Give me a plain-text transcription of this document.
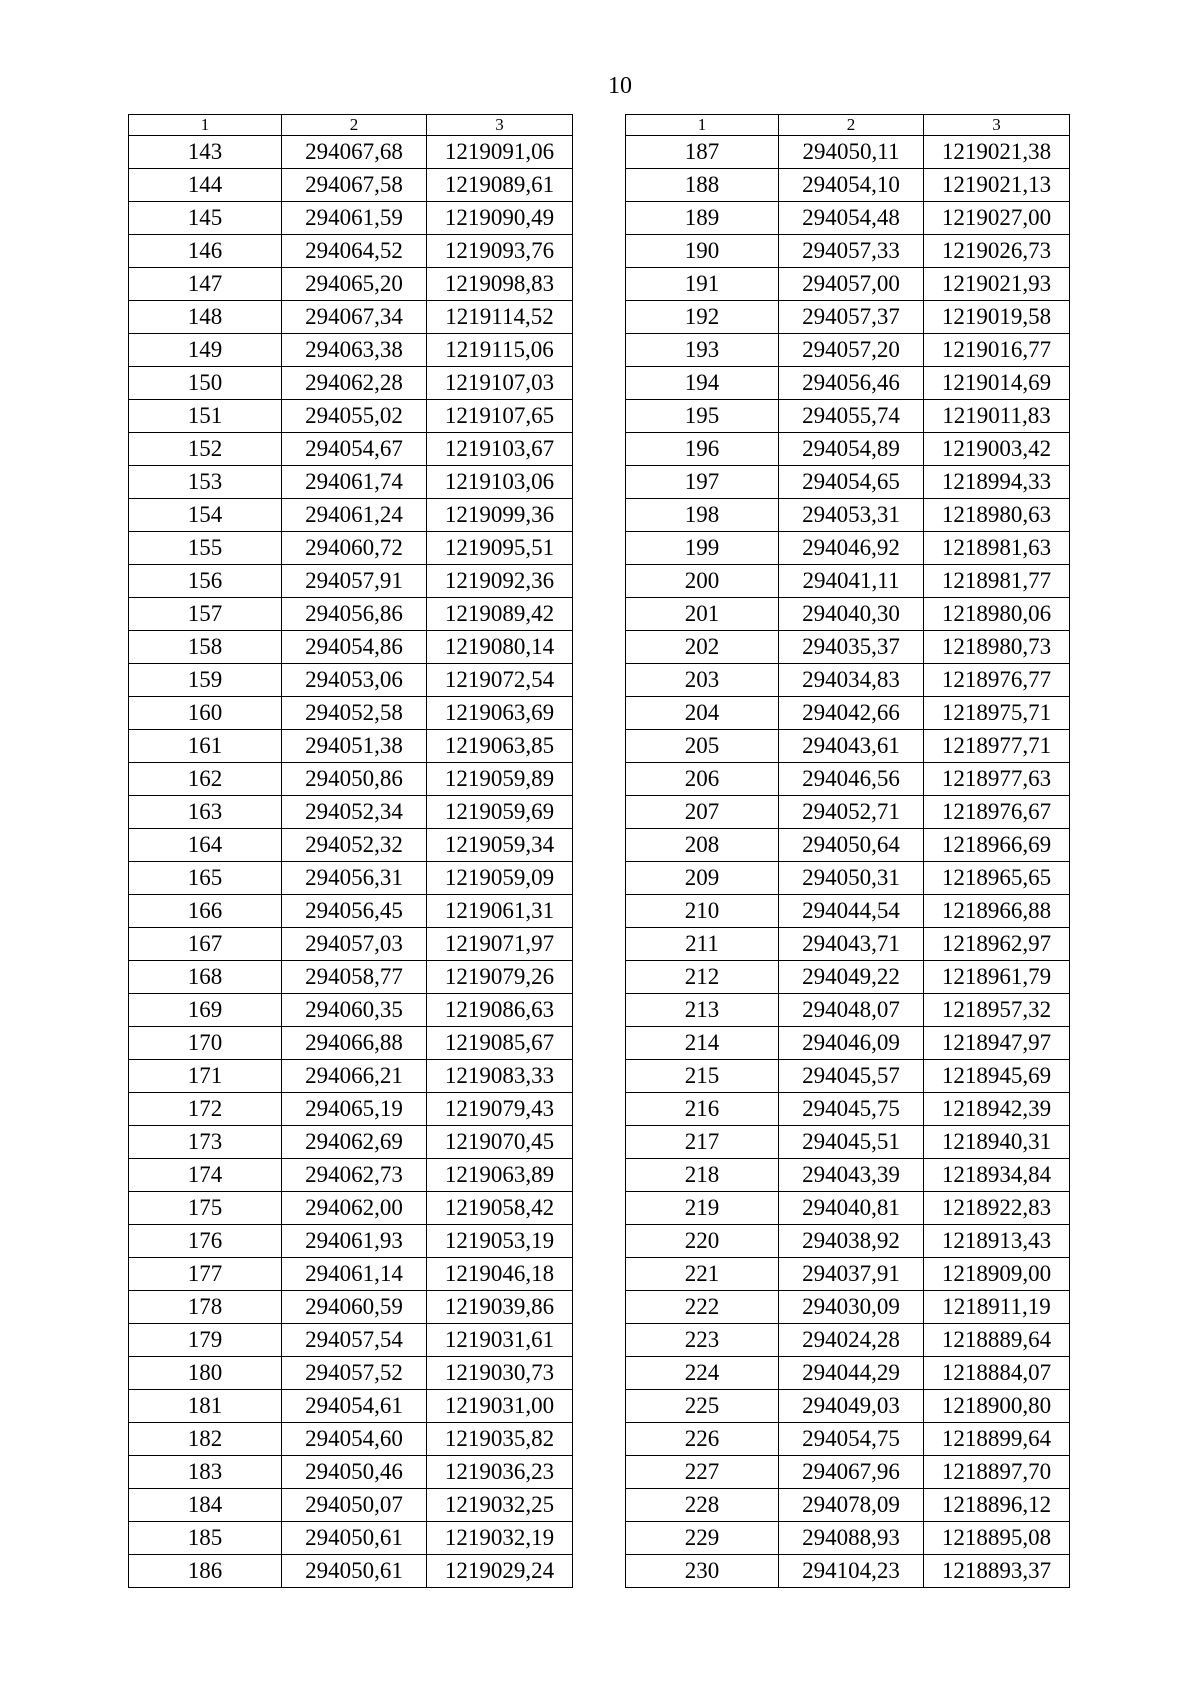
10
1	2	3
143	294067,68	1219091,06
144	294067,58	1219089,61
145	294061,59	1219090,49
146	294064,52	1219093,76
147	294065,20	1219098,83
148	294067,34	1219114,52
149	294063,38	1219115,06
150	294062,28	1219107,03
151	294055,02	1219107,65
152	294054,67	1219103,67
153	294061,74	1219103,06
154	294061,24	1219099,36
155	294060,72	1219095,51
156	294057,91	1219092,36
157	294056,86	1219089,42
158	294054,86	1219080,14
159	294053,06	1219072,54
160	294052,58	1219063,69
161	294051,38	1219063,85
162	294050,86	1219059,89
163	294052,34	1219059,69
164	294052,32	1219059,34
165	294056,31	1219059,09
166	294056,45	1219061,31
167	294057,03	1219071,97
168	294058,77	1219079,26
169	294060,35	1219086,63
170	294066,88	1219085,67
171	294066,21	1219083,33
172	294065,19	1219079,43
173	294062,69	1219070,45
174	294062,73	1219063,89
175	294062,00	1219058,42
176	294061,93	1219053,19
177	294061,14	1219046,18
178	294060,59	1219039,86
179	294057,54	1219031,61
180	294057,52	1219030,73
181	294054,61	1219031,00
182	294054,60	1219035,82
183	294050,46	1219036,23
184	294050,07	1219032,25
185	294050,61	1219032,19
186	294050,61	1219029,24
1	2	3
187	294050,11	1219021,38
188	294054,10	1219021,13
189	294054,48	1219027,00
190	294057,33	1219026,73
191	294057,00	1219021,93
192	294057,37	1219019,58
193	294057,20	1219016,77
194	294056,46	1219014,69
195	294055,74	1219011,83
196	294054,89	1219003,42
197	294054,65	1218994,33
198	294053,31	1218980,63
199	294046,92	1218981,63
200	294041,11	1218981,77
201	294040,30	1218980,06
202	294035,37	1218980,73
203	294034,83	1218976,77
204	294042,66	1218975,71
205	294043,61	1218977,71
206	294046,56	1218977,63
207	294052,71	1218976,67
208	294050,64	1218966,69
209	294050,31	1218965,65
210	294044,54	1218966,88
211	294043,71	1218962,97
212	294049,22	1218961,79
213	294048,07	1218957,32
214	294046,09	1218947,97
215	294045,57	1218945,69
216	294045,75	1218942,39
217	294045,51	1218940,31
218	294043,39	1218934,84
219	294040,81	1218922,83
220	294038,92	1218913,43
221	294037,91	1218909,00
222	294030,09	1218911,19
223	294024,28	1218889,64
224	294044,29	1218884,07
225	294049,03	1218900,80
226	294054,75	1218899,64
227	294067,96	1218897,70
228	294078,09	1218896,12
229	294088,93	1218895,08
230	294104,23	1218893,37
